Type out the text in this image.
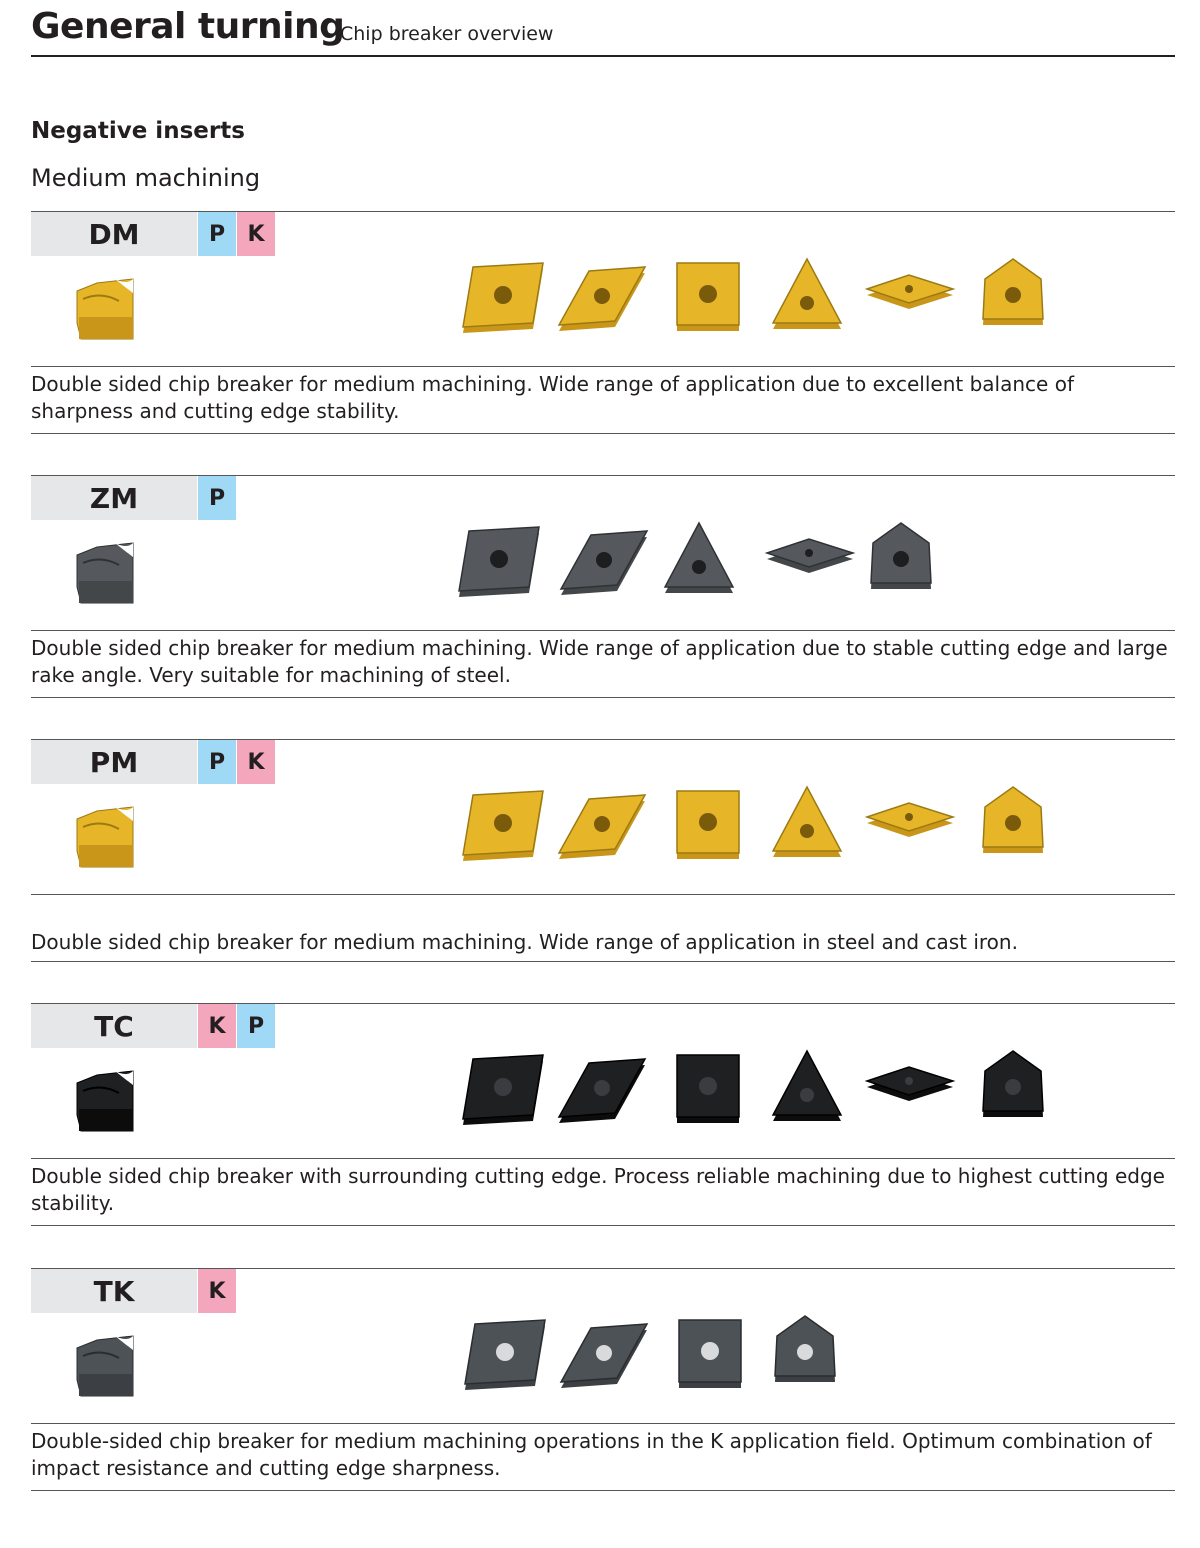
General turning
Chip breaker overview
Negative inserts
Medium machining
DM	P	K
Double sided chip breaker for medium machining. Wide range of application due to excellent balance of sharpness and cutting edge stability.
ZM	P
Double sided chip breaker for medium machining. Wide range of application due to stable cutting edge and large rake angle. Very suitable for machining of steel.
PM	P	K
Double sided chip breaker for medium machining. Wide range of application in steel and cast iron.
TC	K	P
Double sided chip breaker with surrounding cutting edge. Process reliable machining due to highest cutting edge stability.
TK	K
Double-sided chip breaker for medium machining operations in the K application field. Optimum combination of impact resistance and cutting edge sharpness.
